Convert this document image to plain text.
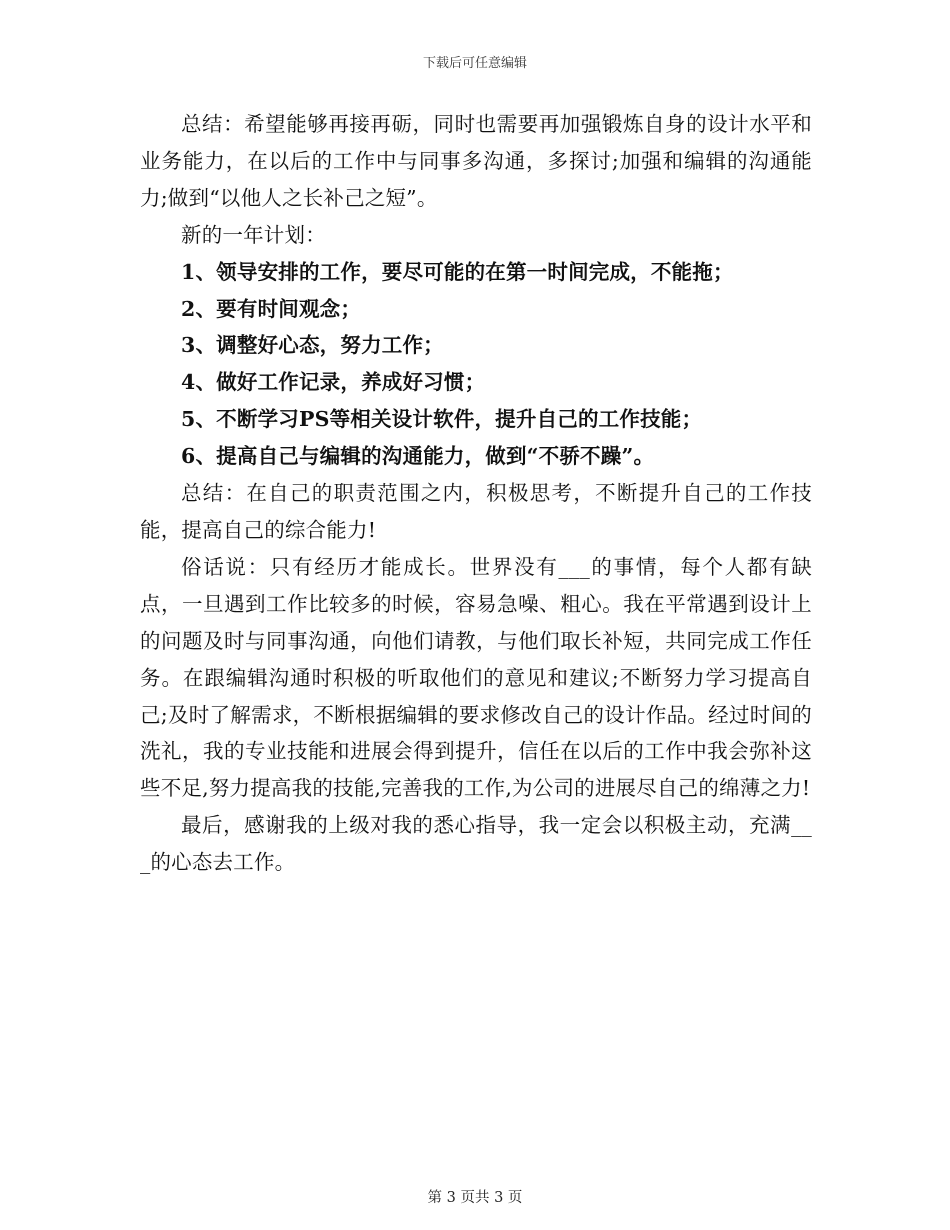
下载后可任意编辑

总结：希望能够再接再砺，同时也需要再加强锻炼自身的设计水平和业务能力，在以后的工作中与同事多沟通，多探讨;加强和编辑的沟通能力;做到“以他人之长补己之短”。

新的一年计划：

1、领导安排的工作，要尽可能的在第一时间完成，不能拖；

2、要有时间观念；

3、调整好心态，努力工作；

4、做好工作记录，养成好习惯；

5、不断学习PS等相关设计软件，提升自己的工作技能；

6、提高自己与编辑的沟通能力，做到“不骄不躁”。

总结：在自己的职责范围之内，积极思考，不断提升自己的工作技能，提高自己的综合能力!

俗话说：只有经历才能成长。世界没有___的事情，每个人都有缺点，一旦遇到工作比较多的时候，容易急噪、粗心。我在平常遇到设计上的问题及时与同事沟通，向他们请教，与他们取长补短，共同完成工作任务。在跟编辑沟通时积极的听取他们的意见和建议;不断努力学习提高自己;及时了解需求，不断根据编辑的要求修改自己的设计作品。经过时间的洗礼，我的专业技能和进展会得到提升，信任在以后的工作中我会弥补这些不足,努力提高我的技能,完善我的工作,为公司的进展尽自己的绵薄之力!

最后，感谢我的上级对我的悉心指导，我一定会以积极主动，充满___的心态去工作。

第 3 页共 3 页
